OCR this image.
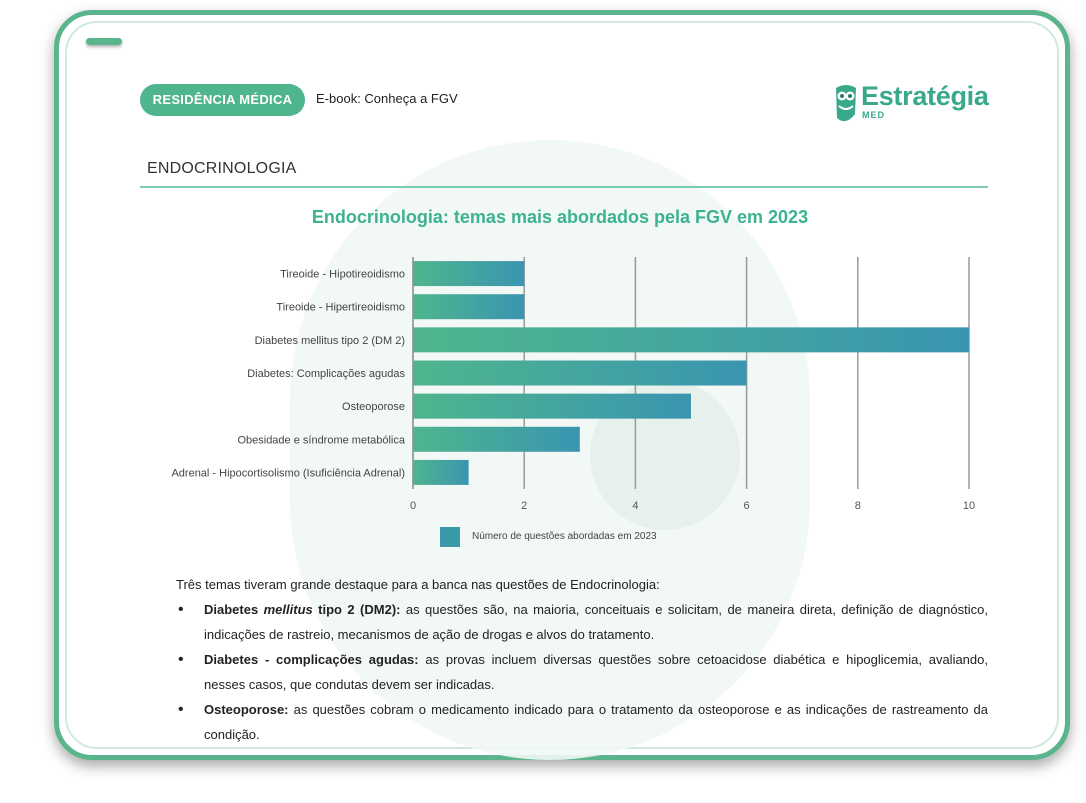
RESIDÊNCIA MÉDICA	E-book: Conheça a FGV	Estratégia
MED
ENDOCRINOLOGIA
Endocrinologia: temas mais abordados pela FGV em 2023
Tireoide - Hipotireoidismo
Tireoide - Hipertireoidismo
Diabetes mellitus tipo 2 (DM 2)
Diabetes: Complicações agudas
Osteoporose
Obesidade e síndrome metabólica
Adrenal - Hipocortisolismo (Isuficiência Adrenal)
0	2	4	6	8	10
Número de questões abordadas em 2023

Três temas tiveram grande destaque para a banca nas questões de Endocrinologia:

• Diabetes mellitus tipo 2 (DM2): as questões são, na maioria, conceituais e solicitam, de maneira direta, definição de diagnóstico, indicações de rastreio, mecanismos de ação de drogas e alvos do tratamento.
• Diabetes - complicações agudas: as provas incluem diversas questões sobre cetoacidose diabética e hipoglicemia, avaliando, nesses casos, que condutas devem ser indicadas.
• Osteoporose: as questões cobram o medicamento indicado para o tratamento da osteoporose e as indicações de rastreamento da condição.
